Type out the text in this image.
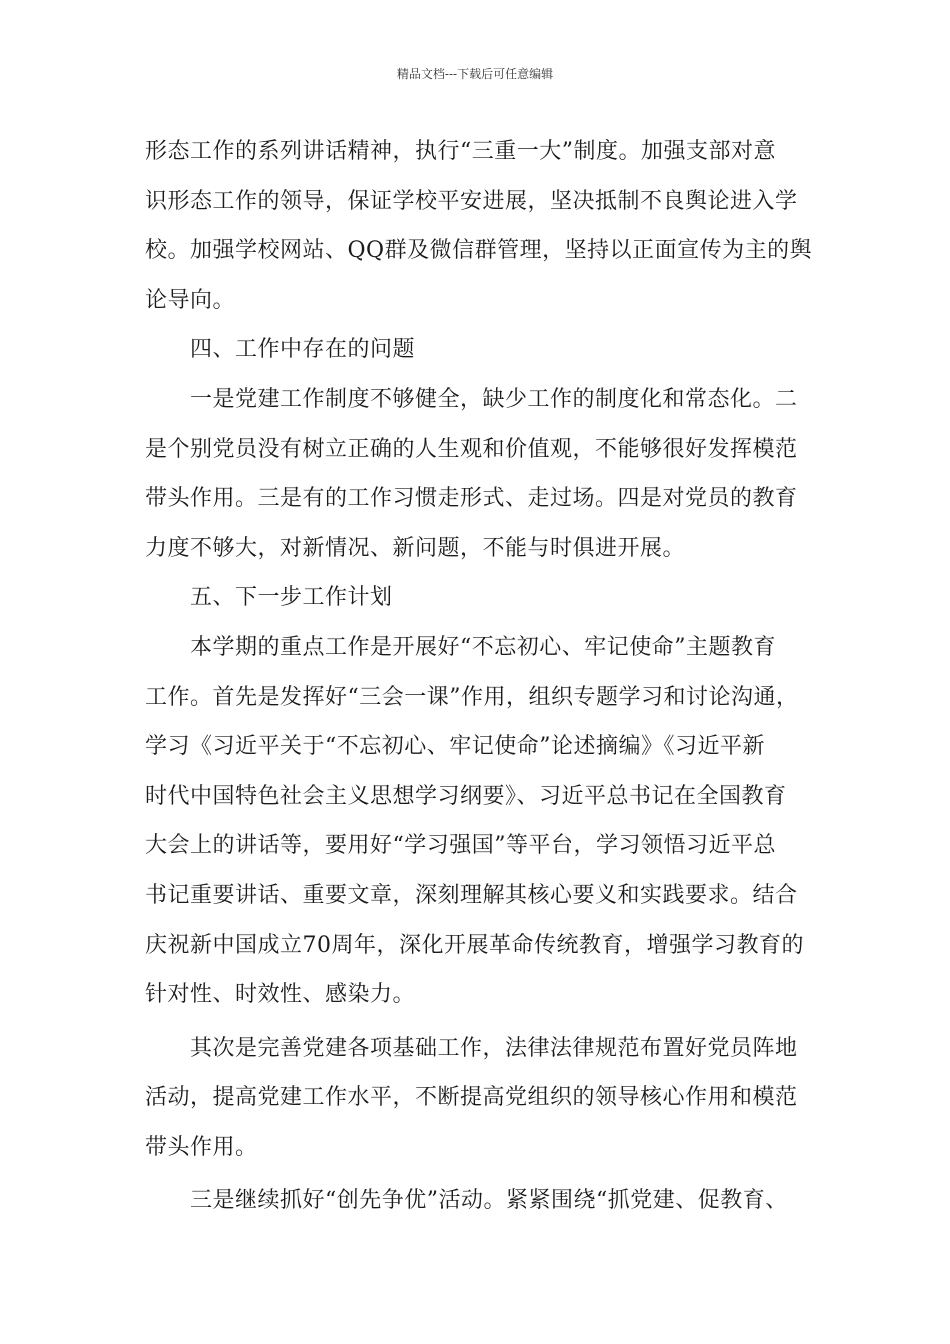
精品文档---下载后可任意编辑
形态工作的系列讲话精神，执行“三重一大”制度。加强支部对意
识形态工作的领导，保证学校平安进展，坚决抵制不良舆论进入学
校。加强学校网站、QQ群及微信群管理，坚持以正面宣传为主的舆
论导向。
四、工作中存在的问题
一是党建工作制度不够健全，缺少工作的制度化和常态化。二
是个别党员没有树立正确的人生观和价值观，不能够很好发挥模范
带头作用。三是有的工作习惯走形式、走过场。四是对党员的教育
力度不够大，对新情况、新问题，不能与时俱进开展。
五、下一步工作计划
本学期的重点工作是开展好“不忘初心、牢记使命”主题教育
工作。首先是发挥好“三会一课”作用，组织专题学习和讨论沟通，
学习《习近平关于“不忘初心、牢记使命”论述摘编》《习近平新
时代中国特色社会主义思想学习纲要》、习近平总书记在全国教育
大会上的讲话等，要用好“学习强国”等平台，学习领悟习近平总
书记重要讲话、重要文章，深刻理解其核心要义和实践要求。结合
庆祝新中国成立70周年，深化开展革命传统教育，增强学习教育的
针对性、时效性、感染力。
其次是完善党建各项基础工作，法律法律规范布置好党员阵地
活动，提高党建工作水平，不断提高党组织的领导核心作用和模范
带头作用。
三是继续抓好“创先争优”活动。紧紧围绕“抓党建、促教育、
